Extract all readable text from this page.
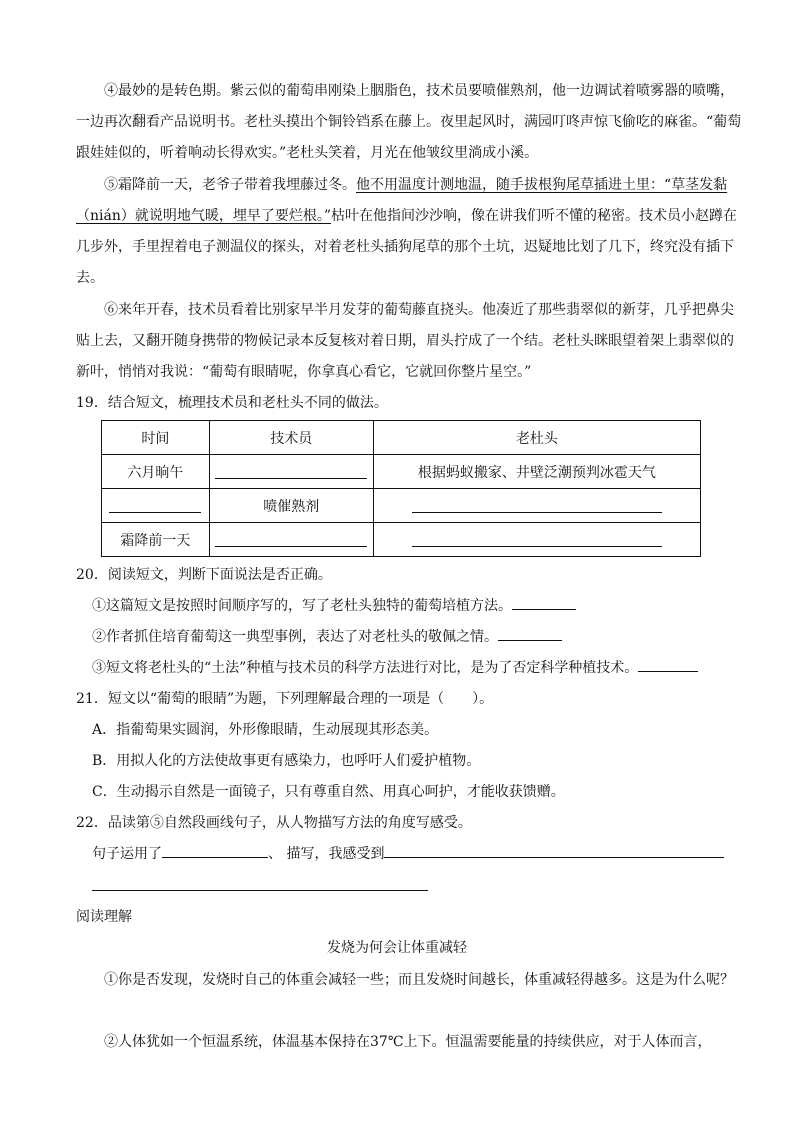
④最妙的是转色期。紫云似的葡萄串刚染上胭脂色，技术员要喷催熟剂，他一边调试着喷雾器的喷嘴，一边再次翻看产品说明书。老杜头摸出个铜铃铛系在藤上。夜里起风时，满园叮咚声惊飞偷吃的麻雀。“葡萄跟娃娃似的，听着响动长得欢实。”老杜头笑着，月光在他皱纹里淌成小溪。

⑤霜降前一天，老爷子带着我埋藤过冬。他不用温度计测地温，随手拔根狗尾草插进土里：“草茎发黏（nián）就说明地气暖，埋早了要烂根。”枯叶在他指间沙沙响，像在讲我们听不懂的秘密。技术员小赵蹲在几步外，手里捏着电子测温仪的探头，对着老杜头插狗尾草的那个土坑，迟疑地比划了几下，终究没有插下去。

⑥来年开春，技术员看着比别家早半月发芽的葡萄藤直挠头。他凑近了那些翡翠似的新芽，几乎把鼻尖贴上去，又翻开随身携带的物候记录本反复核对着日期，眉头拧成了一个结。老杜头眯眼望着架上翡翠似的新叶，悄悄对我说：“葡萄有眼睛呢，你拿真心看它，它就回你整片星空。”

19．结合短文，梳理技术员和老杜头不同的做法。

时间	技术员	老杜头
六月晌午		根据蚂蚁搬家、井壁泛潮预判冰雹天气
	喷催熟剂	
霜降前一天		

20．阅读短文，判断下面说法是否正确。

①这篇短文是按照时间顺序写的，写了老杜头独特的葡萄培植方法。

②作者抓住培育葡萄这一典型事例，表达了对老杜头的敬佩之情。

③短文将老杜头的“土法”种植与技术员的科学方法进行对比，是为了否定科学种植技术。

21．短文以“葡萄的眼睛”为题，下列理解最合理的一项是（　　）。

A．指葡萄果实圆润，外形像眼睛，生动展现其形态美。

B．用拟人化的方法使故事更有感染力，也呼吁人们爱护植物。

C．生动揭示自然是一面镜子，只有尊重自然、用真心呵护，才能收获馈赠。

22．品读第⑤自然段画线句子，从人物描写方法的角度写感受。

句子运用了	、 描写，我感受到

阅读理解

发烧为何会让体重减轻

①你是否发现，发烧时自己的体重会减轻一些；而且发烧时间越长，体重减轻得越多。这是为什么呢？

②人体犹如一个恒温系统，体温基本保持在37℃上下。恒温需要能量的持续供应，对于人体而言，
